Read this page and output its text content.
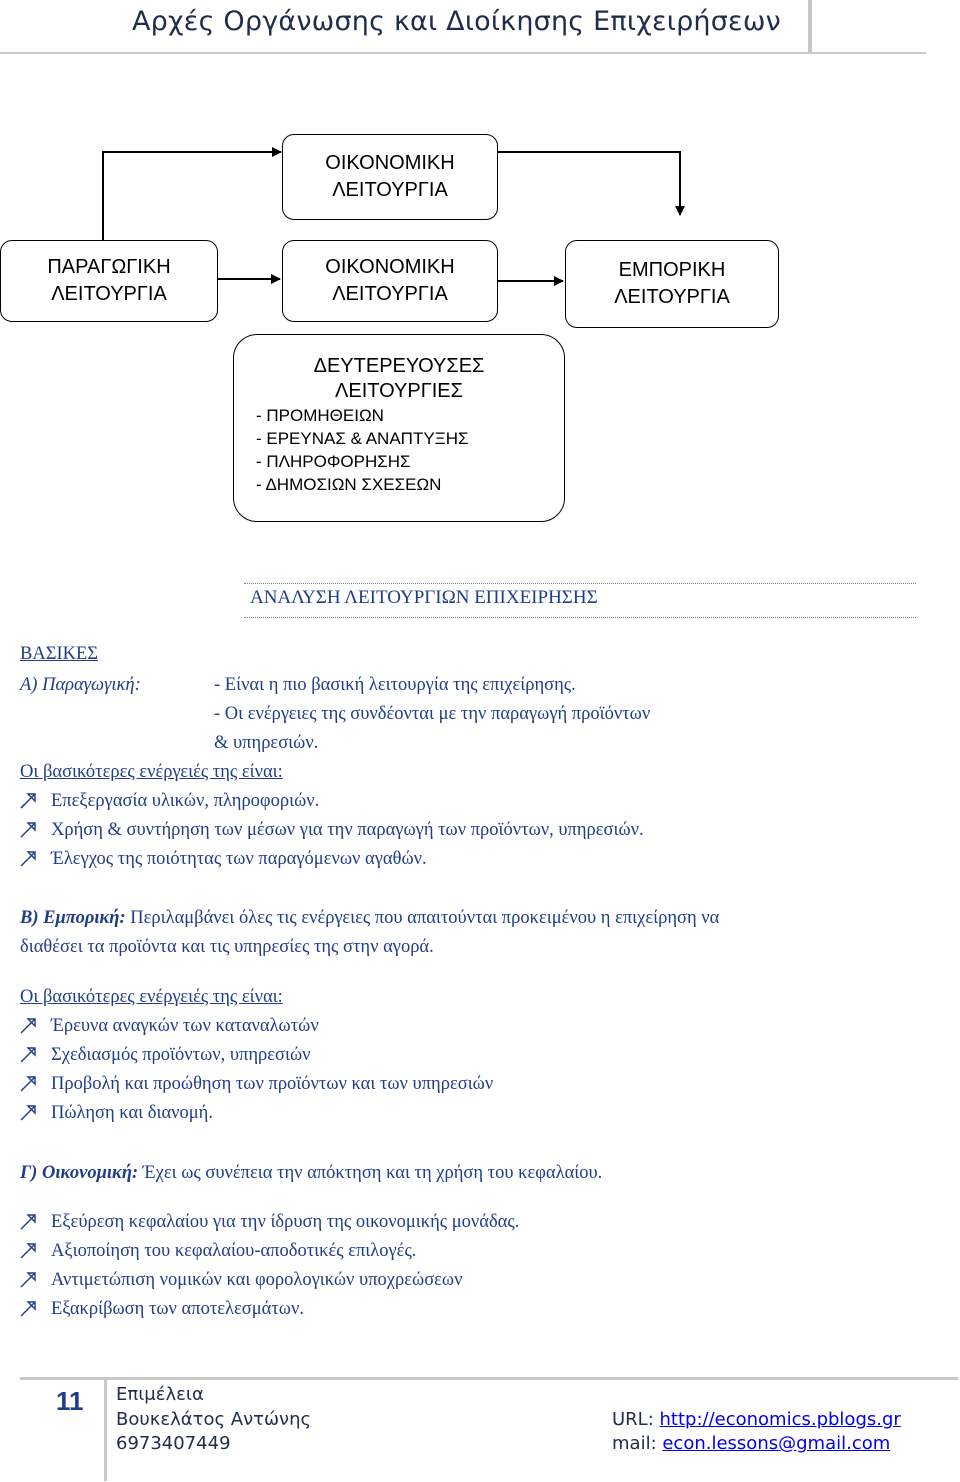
Αρχές Οργάνωσης και Διοίκησης Επιχειρήσεων
ΟΙΚΟΝΟΜΙΚΗ
ΛΕΙΤΟΥΡΓΙΑ
ΠΑΡΑΓΩΓΙΚΗ
ΛΕΙΤΟΥΡΓΙΑ
ΟΙΚΟΝΟΜΙΚΗ
ΛΕΙΤΟΥΡΓΙΑ
ΕΜΠΟΡΙΚΗ
ΛΕΙΤΟΥΡΓΙΑ
ΔΕΥΤΕΡΕΥΟΥΣΕΣ
ΛΕΙΤΟΥΡΓΙΕΣ
- ΠΡΟΜΗΘΕΙΩΝ
- ΕΡΕΥΝΑΣ & ΑΝΑΠΤΥΞΗΣ
- ΠΛΗΡΟΦΟΡΗΣΗΣ
- ΔΗΜΟΣΙΩΝ ΣΧΕΣΕΩΝ
ΑΝΑΛΥΣΗ ΛΕΙΤΟΥΡΓΙΩΝ ΕΠΙΧΕΙΡΗΣΗΣ
ΒΑΣΙΚΕΣ
Α) Παραγωγική:	- Είναι η πιο βασική λειτουργία της επιχείρησης.
- Οι ενέργειες της συνδέονται με την παραγωγή προϊόντων
& υπηρεσιών.
Οι βασικότερες ενέργειές της είναι:
Επεξεργασία υλικών, πληροφοριών.
Χρήση & συντήρηση των μέσων για την παραγωγή των προϊόντων, υπηρεσιών.
Έλεγχος της ποιότητας των παραγόμενων αγαθών.
Β) Εμπορική: Περιλαμβάνει όλες τις ενέργειες που απαιτούνται προκειμένου η επιχείρηση να
διαθέσει τα προϊόντα και τις υπηρεσίες της στην αγορά.
Οι βασικότερες ενέργειές της είναι:
Έρευνα αναγκών των καταναλωτών
Σχεδιασμός προϊόντων, υπηρεσιών
Προβολή και προώθηση των προϊόντων και των υπηρεσιών
Πώληση και διανομή.
Γ) Οικονομική: Έχει ως συνέπεια την απόκτηση και τη χρήση του κεφαλαίου.
Εξεύρεση κεφαλαίου για την ίδρυση της οικονομικής μονάδας.
Αξιοποίηση του κεφαλαίου-αποδοτικές επιλογές.
Αντιμετώπιση νομικών και φορολογικών υποχρεώσεων
Εξακρίβωση των αποτελεσμάτων.
11 Επιμέλεια
Βουκελάτος Αντώνης
6973407449
URL: http://economics.pblogs.gr
mail: econ.lessons@gmail.com
